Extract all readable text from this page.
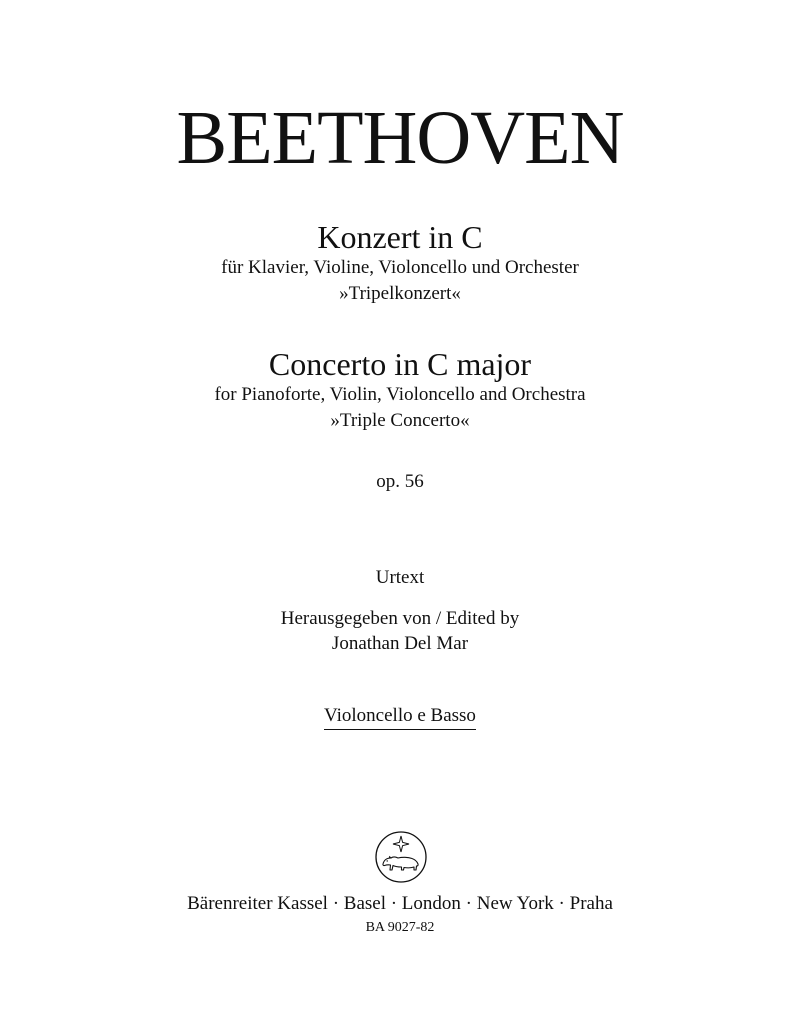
BEETHOVEN
Konzert in C
für Klavier, Violine, Violoncello und Orchester
»Tripelkonzert«
Concerto in C major
for Pianoforte, Violin, Violoncello and Orchestra
»Triple Concerto«
op. 56
Urtext
Herausgegeben von / Edited by
Jonathan Del Mar
Violoncello e Basso
Bärenreiter Kassel · Basel · London · New York · Praha
BA 9027-82
